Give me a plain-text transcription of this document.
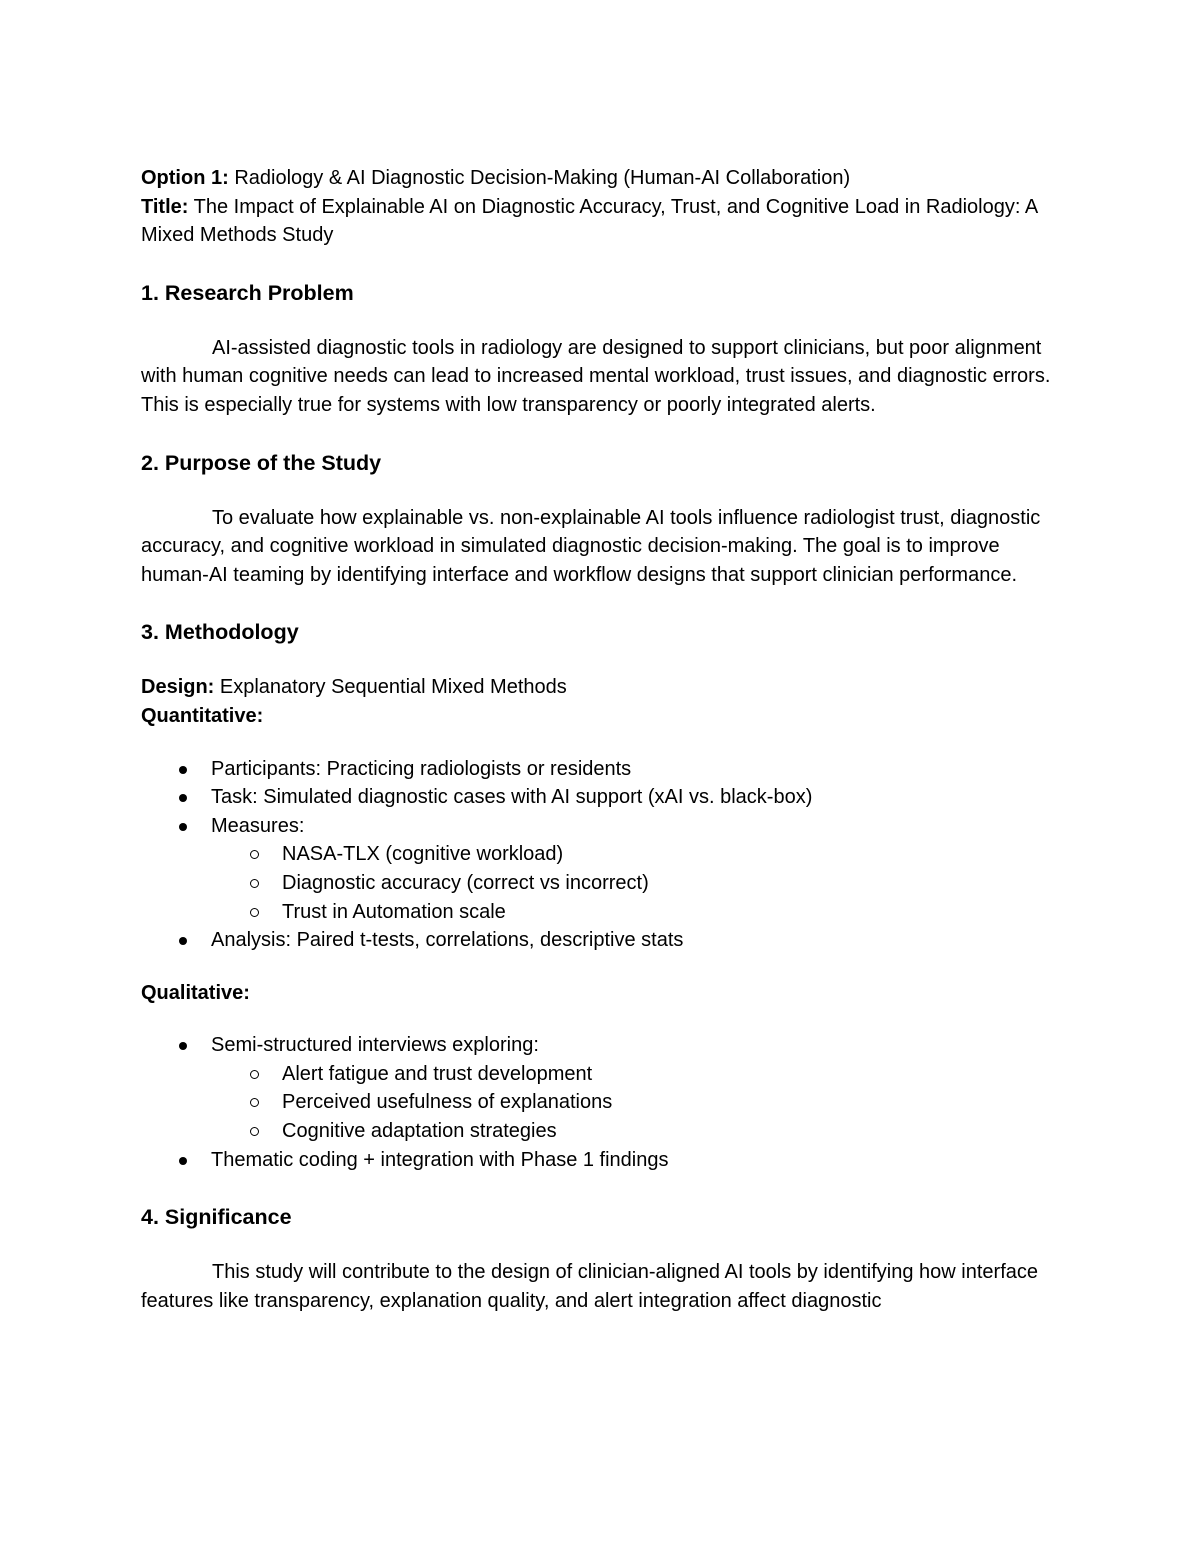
Option 1: Radiology & AI Diagnostic Decision-Making (Human-AI Collaboration)

Title: The Impact of Explainable AI on Diagnostic Accuracy, Trust, and Cognitive Load in Radiology: A Mixed Methods Study

1. Research Problem

AI-assisted diagnostic tools in radiology are designed to support clinicians, but poor alignment with human cognitive needs can lead to increased mental workload, trust issues, and diagnostic errors. This is especially true for systems with low transparency or poorly integrated alerts.

2. Purpose of the Study

To evaluate how explainable vs. non-explainable AI tools influence radiologist trust, diagnostic accuracy, and cognitive workload in simulated diagnostic decision-making. The goal is to improve human-AI teaming by identifying interface and workflow designs that support clinician performance.

3. Methodology

Design: Explanatory Sequential Mixed Methods

Quantitative:

Participants: Practicing radiologists or residents
Task: Simulated diagnostic cases with AI support (xAI vs. black-box)
Measures:
NASA-TLX (cognitive workload)
Diagnostic accuracy (correct vs incorrect)
Trust in Automation scale
Analysis: Paired t-tests, correlations, descriptive stats

Qualitative:

Semi-structured interviews exploring:
Alert fatigue and trust development
Perceived usefulness of explanations
Cognitive adaptation strategies
Thematic coding + integration with Phase 1 findings
4. Significance

This study will contribute to the design of clinician-aligned AI tools by identifying how interface features like transparency, explanation quality, and alert integration affect diagnostic
